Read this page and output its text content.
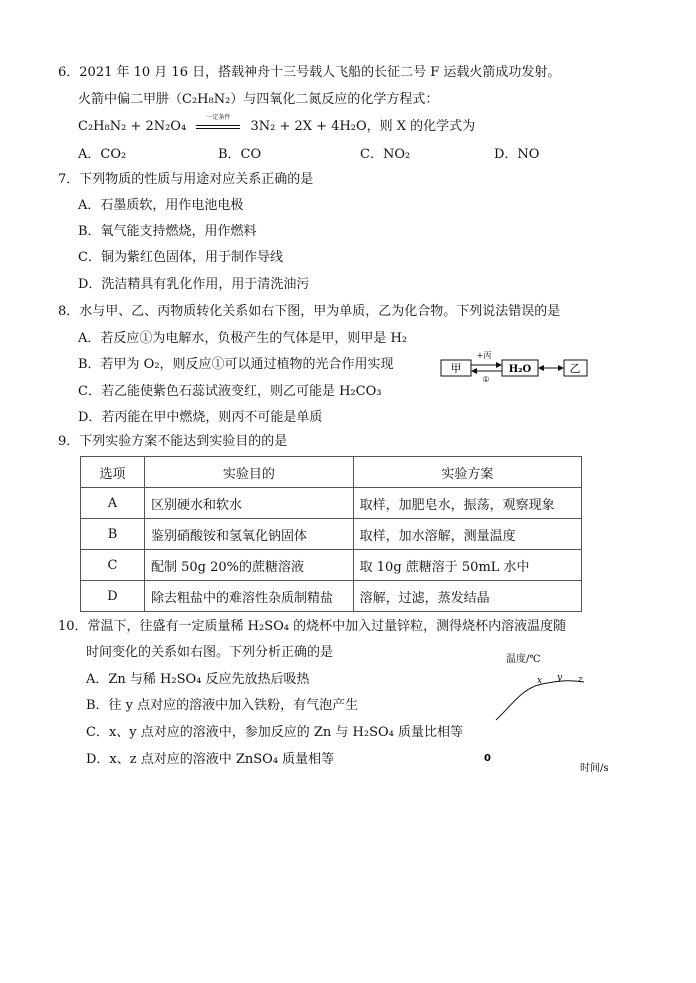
6．2021 年 10 月 16 日，搭载神舟十三号载人飞船的长征二号 F 运载火箭成功发射。
火箭中偏二甲肼（C₂H₈N₂）与四氧化二氮反应的化学方程式：
C₂H₈N₂ + 2N₂O₄
一定条件
3N₂ + 2X + 4H₂O，则 X 的化学式为
A．CO₂	B．CO	C．NO₂	D．NO
7．下列物质的性质与用途对应关系正确的是
A．石墨质软，用作电池电极
B．氧气能支持燃烧，用作燃料
C．铜为紫红色固体，用于制作导线
D．洗洁精具有乳化作用，用于清洗油污
8．水与甲、乙、丙物质转化关系如右下图，甲为单质，乙为化合物。下列说法错误的是
A．若反应①为电解水，负极产生的气体是甲，则甲是 H₂
B．若甲为 O₂，则反应①可以通过植物的光合作用实现
C．若乙能使紫色石蕊试液变红，则乙可能是 H₂CO₃
D．若丙能在甲中燃烧，则丙不可能是单质
甲
+丙
①
H₂O	乙
9．下列实验方案不能达到实验目的的是
选项	实验目的	实验方案
A	区别硬水和软水	取样，加肥皂水，振荡，观察现象
B	鉴别硝酸铵和氢氧化钠固体	取样，加水溶解，测量温度
C	配制 50g 20%的蔗糖溶液	取 10g 蔗糖溶于 50mL 水中
D	除去粗盐中的难溶性杂质制精盐	溶解，过滤，蒸发结晶
10．常温下，往盛有一定质量稀 H₂SO₄ 的烧杯中加入过量锌粒，测得烧杯内溶液温度随
时间变化的关系如右图。下列分析正确的是
A．Zn 与稀 H₂SO₄ 反应先放热后吸热
B．往 y 点对应的溶液中加入铁粉，有气泡产生
C．x、y 点对应的溶液中，参加反应的 Zn 与 H₂SO₄ 质量比相等
D．x、z 点对应的溶液中 ZnSO₄ 质量相等
温度/℃
x y z
0
时间/s
